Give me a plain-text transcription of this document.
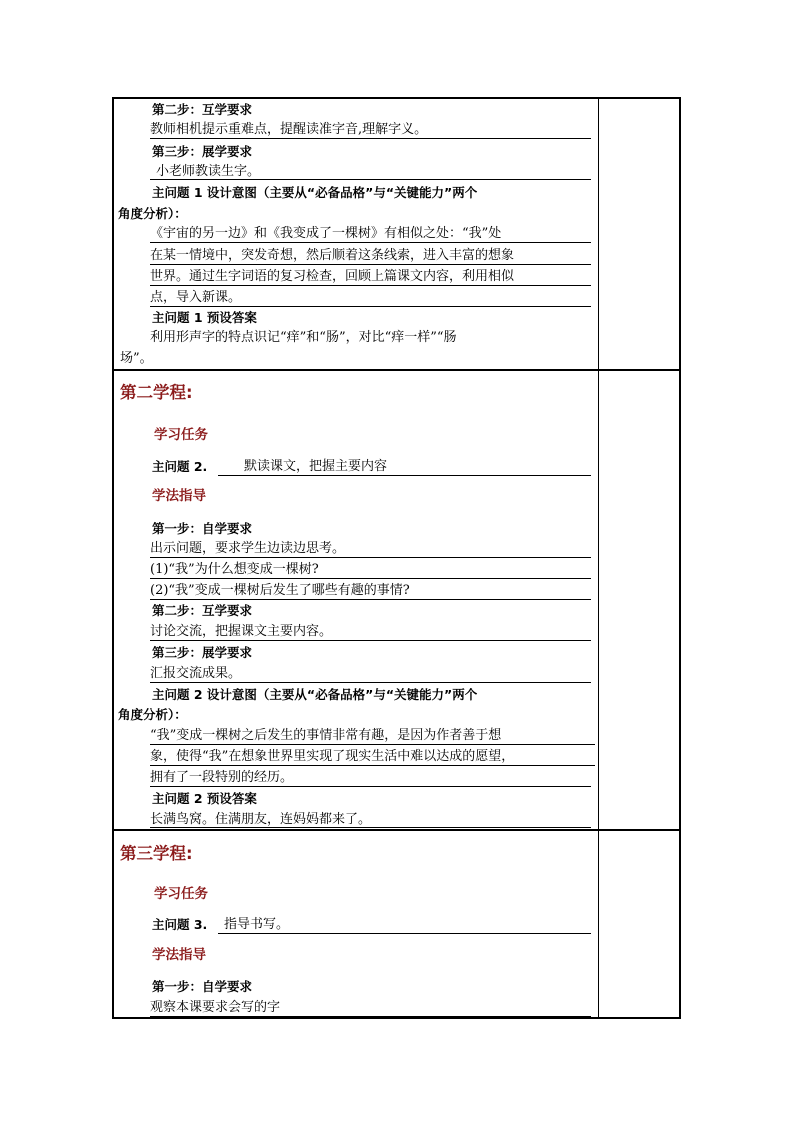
第二步：互学要求
教师相机提示重难点，提醒读准字音,理解字义。
第三步：展学要求
小老师教读生字。
主问题 1 设计意图（主要从“必备品格”与“关键能力”两个
角度分析）：
《宇宙的另一边》和《我变成了一棵树》有相似之处：“我”处
在某一情境中，突发奇想，然后顺着这条线索，进入丰富的想象
世界。通过生字词语的复习检查，回顾上篇课文内容，利用相似
点，导入新课。
主问题 1 预设答案
利用形声字的特点识记“痒”和“肠”，对比“痒一样”“肠
场”。
第二学程:
学习任务
主问题 2.	默读课文，把握主要内容
学法指导
第一步：自学要求
出示问题，要求学生边读边思考。
(1)“我”为什么想变成一棵树?
(2)“我”变成一棵树后发生了哪些有趣的事情?
第二步：互学要求
讨论交流，把握课文主要内容。
第三步：展学要求
汇报交流成果。
主问题 2 设计意图（主要从“必备品格”与“关键能力”两个
角度分析）：
“我”变成一棵树之后发生的事情非常有趣，是因为作者善于想
象，使得“我”在想象世界里实现了现实生活中难以达成的愿望，
拥有了一段特别的经历。
主问题 2 预设答案
长满鸟窝。住满朋友，连妈妈都来了。
第三学程:
学习任务
主问题 3. 指导书写。
学法指导
第一步：自学要求
观察本课要求会写的字
